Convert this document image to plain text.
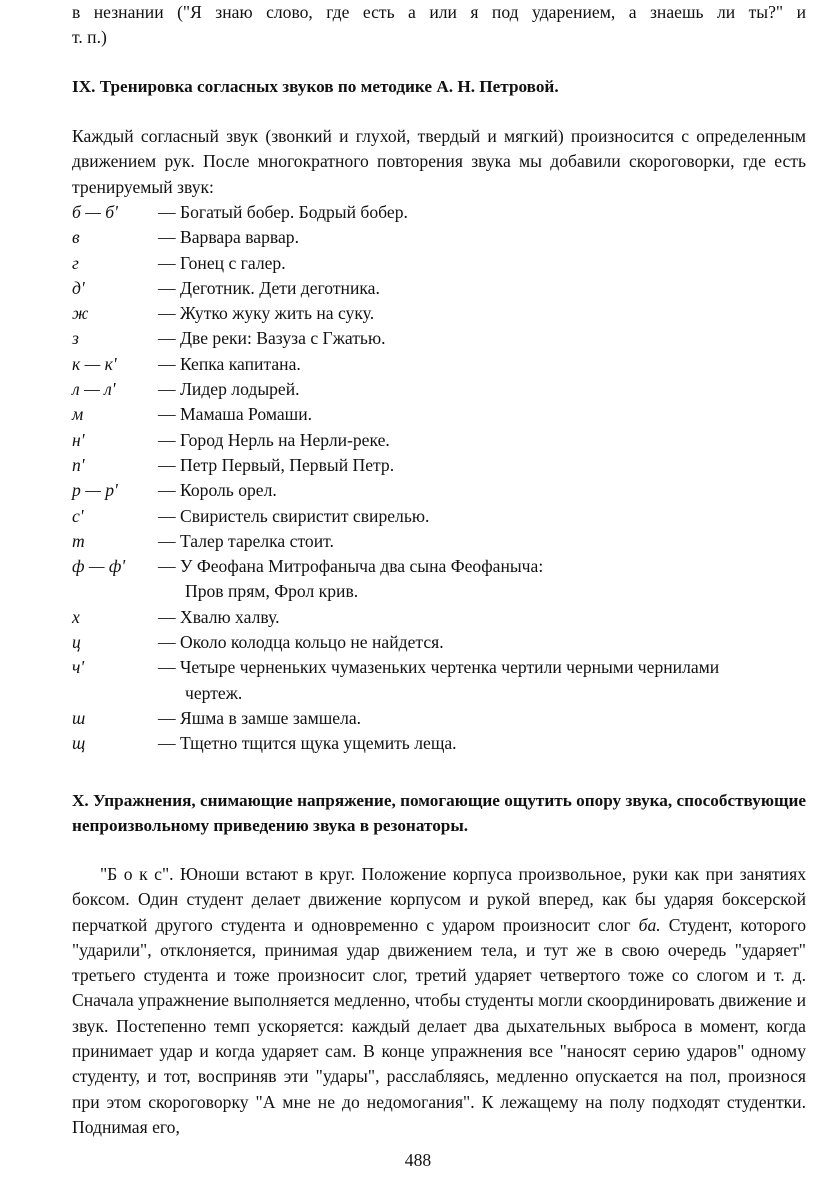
в незнании ("Я знаю слово, где есть а или я под ударением, а знаешь ли ты?" и
т. п.)
IX. Тренировка согласных звуков по методике А. Н. Петровой.
Каждый согласный звук (звонкий и глухой, твердый и мягкий) произносится с определенным движением рук. После многократного повторения звука мы добавили скороговорки, где есть тренируемый звук:
б — б'	— Богатый бобер. Бодрый бобер.
в	— Варвара варвар.
г	— Гонец с галер.
д'	— Деготник. Дети деготника.
ж	— Жутко жуку жить на суку.
з	— Две реки: Вазуза с Гжатью.
к — к'	— Кепка капитана.
л — л'	— Лидер лодырей.
м	— Мамаша Ромаши.
н'	— Город Нерль на Нерли-реке.
п'	— Петр Первый, Первый Петр.
р — р'	— Король орел.
с'	— Свиристель свиристит свирелью.
т	— Талер тарелка стоит.
ф — ф'	— У Феофана Митрофаныча два сына Феофаныча:
Пров прям, Фрол крив.
х	— Хвалю халву.
ц	— Около колодца кольцо не найдется.
ч'	— Четыре черненьких чумазеньких чертенка чертили черными чернилами
чертеж.
ш	— Яшма в замше замшела.
щ	— Тщетно тщится щука ущемить леща.
X. Упражнения, снимающие напряжение, помогающие ощутить опору звука, способствующие непроизвольному приведению звука в резонаторы.
"Б о к с". Юноши встают в круг. Положение корпуса произвольное, руки как при занятиях боксом. Один студент делает движение корпусом и рукой вперед, как бы ударяя боксерской перчаткой другого студента и одновременно с ударом произносит слог ба. Студент, которого "ударили", отклоняется, принимая удар движением тела, и тут же в свою очередь "ударяет" третьего студента и тоже произносит слог, третий ударяет четвертого тоже со слогом и т. д. Сначала упражнение выполняется медленно, чтобы студенты могли скоординировать движение и звук. Постепенно темп ускоряется: каждый делает два дыхательных выброса в момент, когда принимает удар и когда ударяет сам. В конце упражнения все "наносят серию ударов" одному студенту, и тот, восприняв эти "удары", расслабляясь, медленно опускается на пол, произнося при этом скороговорку "А мне не до недомогания". К лежащему на полу подходят студентки. Поднимая его,
488
